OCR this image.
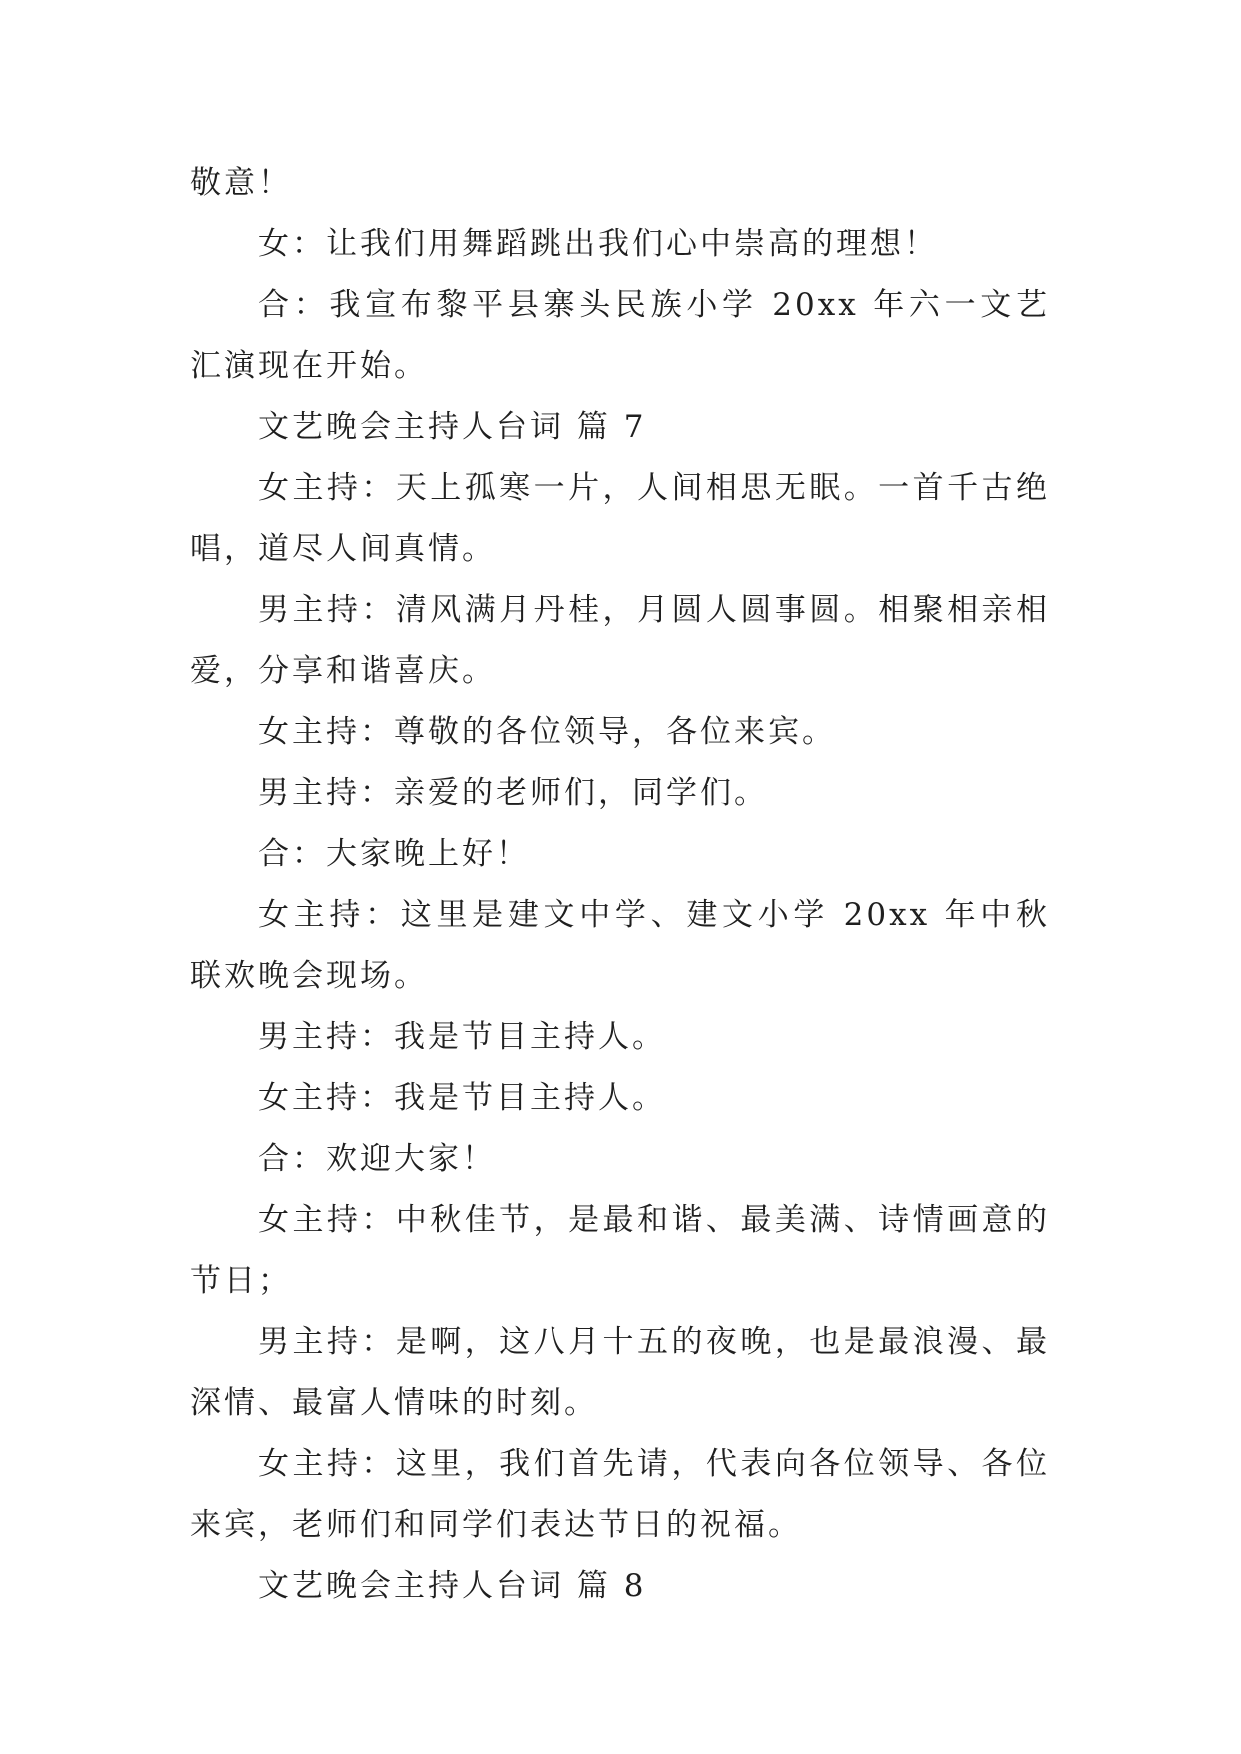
敬意！

女：让我们用舞蹈跳出我们心中崇高的理想！

合：我宣布黎平县寨头民族小学 20xx 年六一文艺汇演现在开始。

文艺晚会主持人台词 篇 7

女主持：天上孤寒一片，人间相思无眠。一首千古绝唱，道尽人间真情。

男主持：清风满月丹桂，月圆人圆事圆。相聚相亲相爱，分享和谐喜庆。

女主持：尊敬的各位领导，各位来宾。

男主持：亲爱的老师们，同学们。

合：大家晚上好！

女主持：这里是建文中学、建文小学 20xx 年中秋联欢晚会现场。

男主持：我是节目主持人。

女主持：我是节目主持人。

合：欢迎大家！

女主持：中秋佳节，是最和谐、最美满、诗情画意的节日；

男主持：是啊，这八月十五的夜晚，也是最浪漫、最深情、最富人情味的时刻。

女主持：这里，我们首先请，代表向各位领导、各位来宾，老师们和同学们表达节日的祝福。

文艺晚会主持人台词 篇 8
